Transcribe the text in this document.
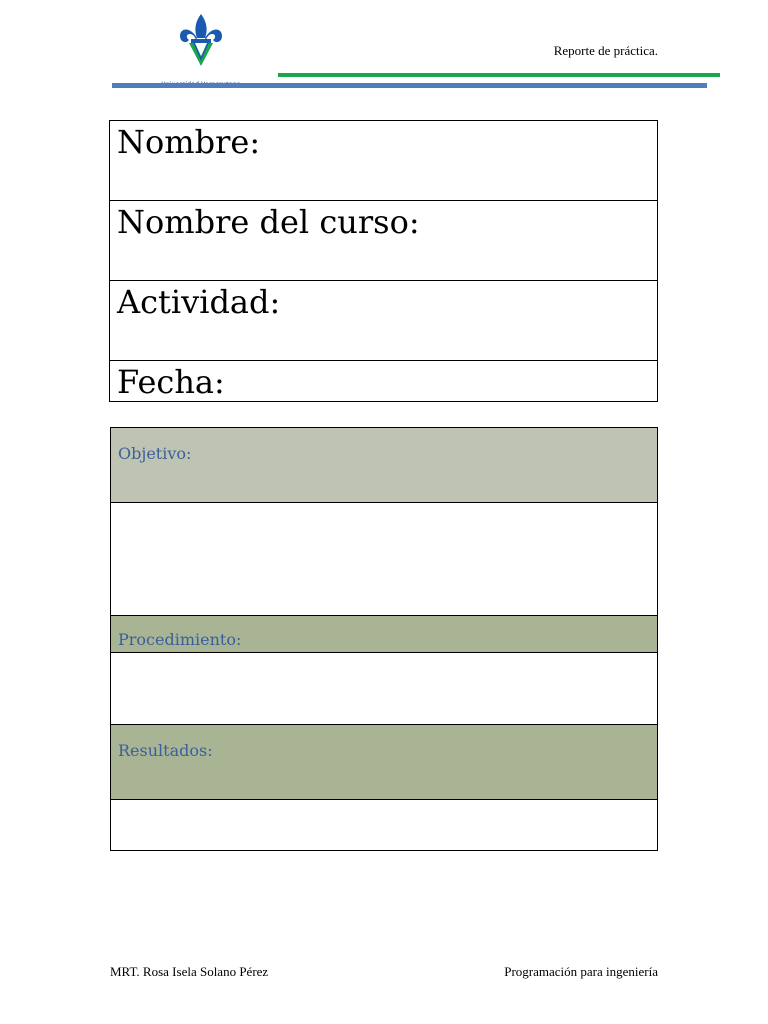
Reporte de práctica.
Nombre:
Nombre del curso:
Actividad:
Fecha:
Objetivo:

Procedimiento:

Resultados:

MRT. Rosa Isela Solano Pérez	Programación para ingeniería
